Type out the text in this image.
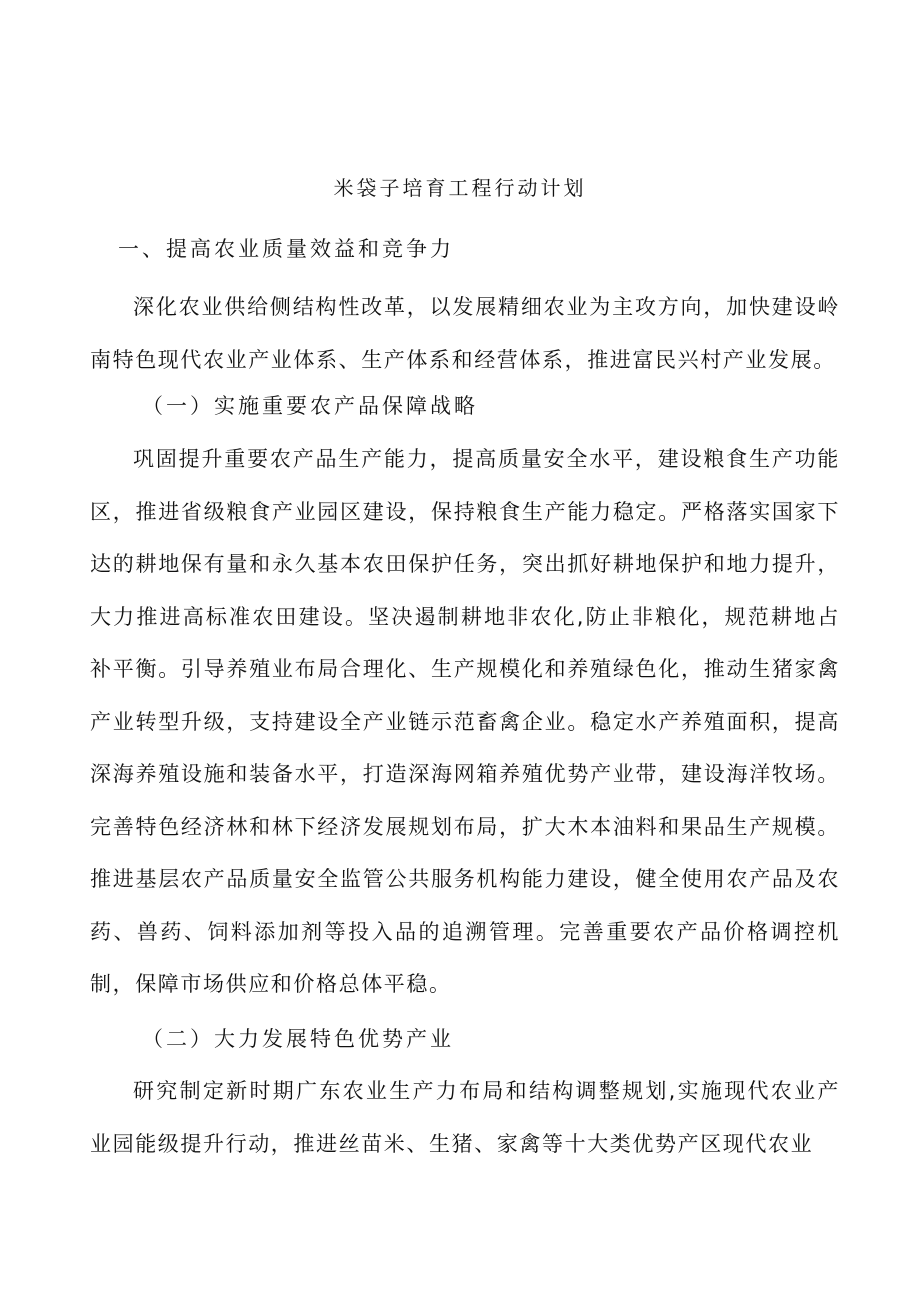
米袋子培育工程行动计划
一、提高农业质量效益和竞争力

深化农业供给侧结构性改革，以发展精细农业为主攻方向，加快建设岭南特色现代农业产业体系、生产体系和经营体系，推进富民兴村产业发展。

（一）实施重要农产品保障战略

巩固提升重要农产品生产能力，提高质量安全水平，建设粮食生产功能区，推进省级粮食产业园区建设，保持粮食生产能力稳定。严格落实国家下达的耕地保有量和永久基本农田保护任务，突出抓好耕地保护和地力提升，大力推进高标准农田建设。坚决遏制耕地非农化,防止非粮化，规范耕地占补平衡。引导养殖业布局合理化、生产规模化和养殖绿色化，推动生猪家禽产业转型升级，支持建设全产业链示范畜禽企业。稳定水产养殖面积，提高深海养殖设施和装备水平，打造深海网箱养殖优势产业带，建设海洋牧场。完善特色经济林和林下经济发展规划布局，扩大木本油料和果品生产规模。推进基层农产品质量安全监管公共服务机构能力建设，健全使用农产品及农药、兽药、饲料添加剂等投入品的追溯管理。完善重要农产品价格调控机制，保障市场供应和价格总体平稳。

（二）大力发展特色优势产业

研究制定新时期广东农业生产力布局和结构调整规划,实施现代农业产业园能级提升行动，推进丝苗米、生猪、家禽等十大类优势产区现代农业
